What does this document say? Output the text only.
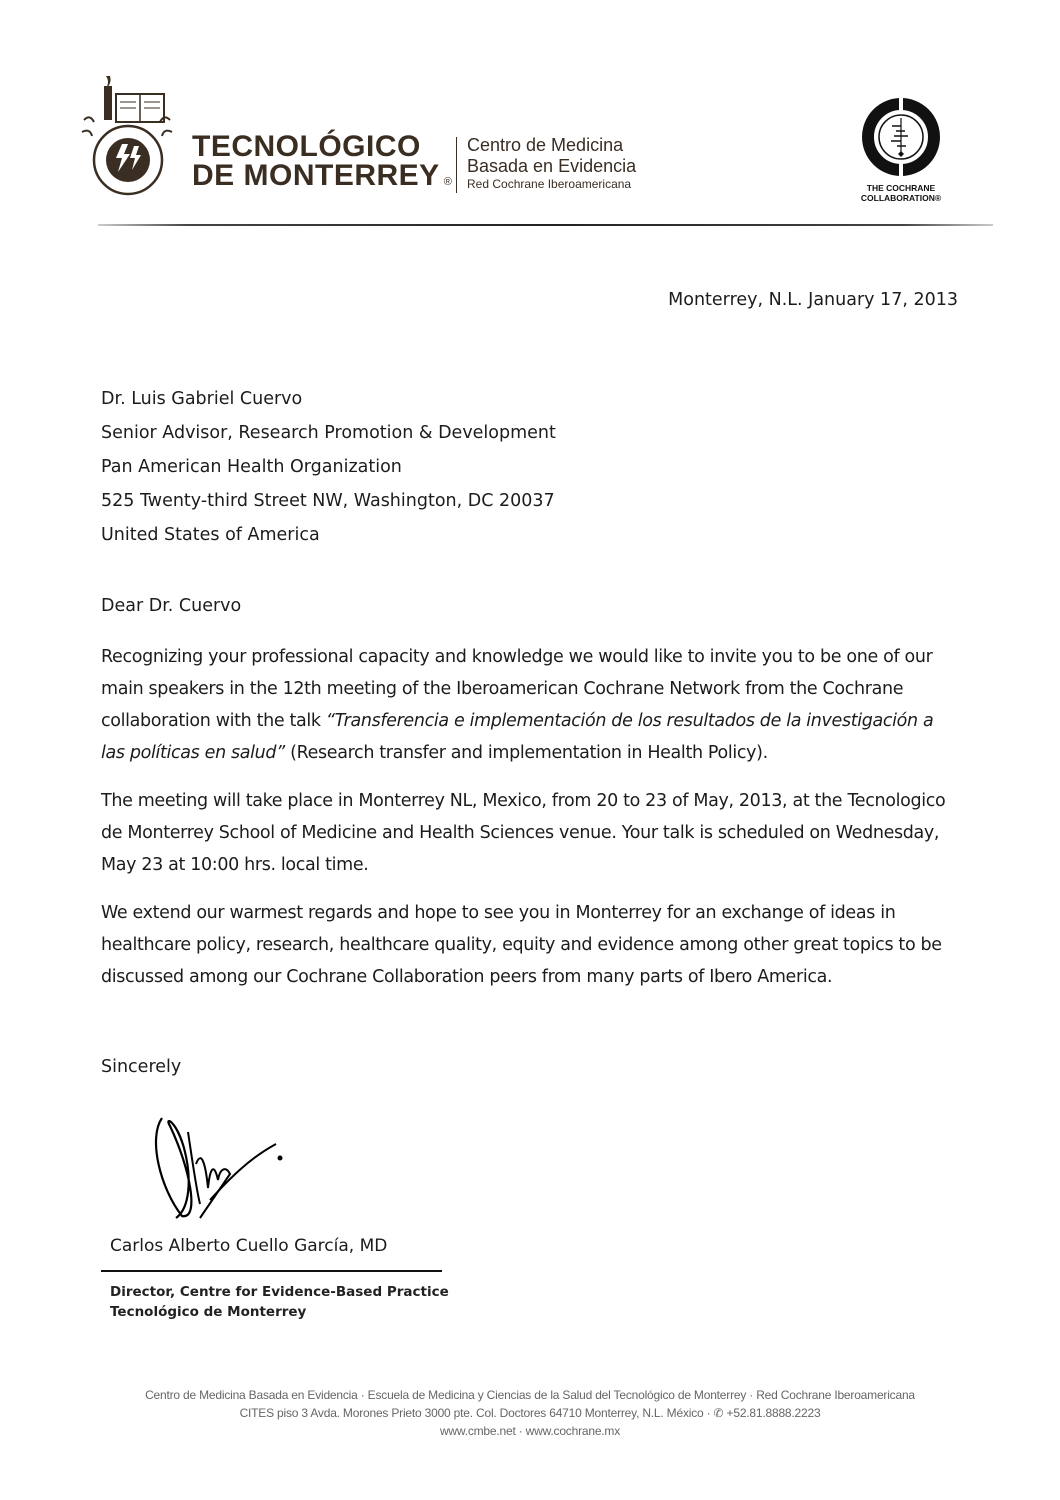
TECNOLÓGICO
DE MONTERREY ®
Centro de Medicina
Basada en Evidencia
Red Cochrane Iberoamericana	THE COCHRANE
COLLABORATION®
Monterrey, N.L. January 17, 2013
Dr. Luis Gabriel Cuervo
Senior Advisor, Research Promotion & Development
Pan American Health Organization
525 Twenty-third Street NW, Washington, DC 20037
United States of America
Dear Dr. Cuervo
Recognizing your professional capacity and knowledge we would like to invite you to be one of our main speakers in the 12th meeting of the Iberoamerican Cochrane Network from the Cochrane collaboration with the talk “Transferencia e implementación de los resultados de la investigación a las políticas en salud” (Research transfer and implementation in Health Policy).
The meeting will take place in Monterrey NL, Mexico, from 20 to 23 of May, 2013, at the Tecnologico de Monterrey School of Medicine and Health Sciences venue. Your talk is scheduled on Wednesday, May 23 at 10:00 hrs. local time.
We extend our warmest regards and hope to see you in Monterrey for an exchange of ideas in healthcare policy, research, healthcare quality, equity and evidence among other great topics to be discussed among our Cochrane Collaboration peers from many parts of Ibero America.
Sincerely
Carlos Alberto Cuello García, MD
Director, Centre for Evidence-Based Practice
Tecnológico de Monterrey
Centro de Medicina Basada en Evidencia · Escuela de Medicina y Ciencias de la Salud del Tecnológico de Monterrey · Red Cochrane Iberoamericana
CITES piso 3 Avda. Morones Prieto 3000 pte. Col. Doctores 64710 Monterrey, N.L. México · ✆ +52.81.8888.2223
www.cmbe.net · www.cochrane.mx
